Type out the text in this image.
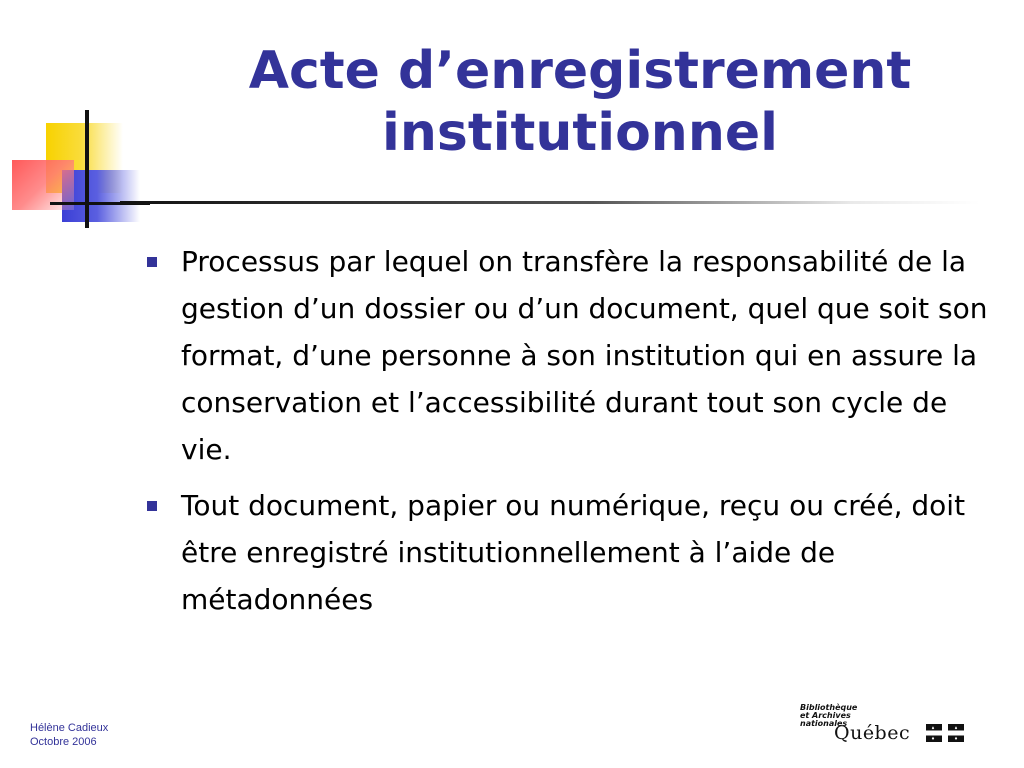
Acte d’enregistrement institutionnel
Processus par lequel on transfère la responsabilité de la gestion d’un dossier ou d’un document, quel que soit son format, d’une personne à son institution qui en assure la conservation et l’accessibilité durant tout son cycle de vie.
Tout document, papier ou numérique, reçu ou créé, doit être enregistré institutionnellement à l’aide de métadonnées
Hélène Cadieux
Octobre 2006
Bibliothèque
et Archives
nationales
Québec
